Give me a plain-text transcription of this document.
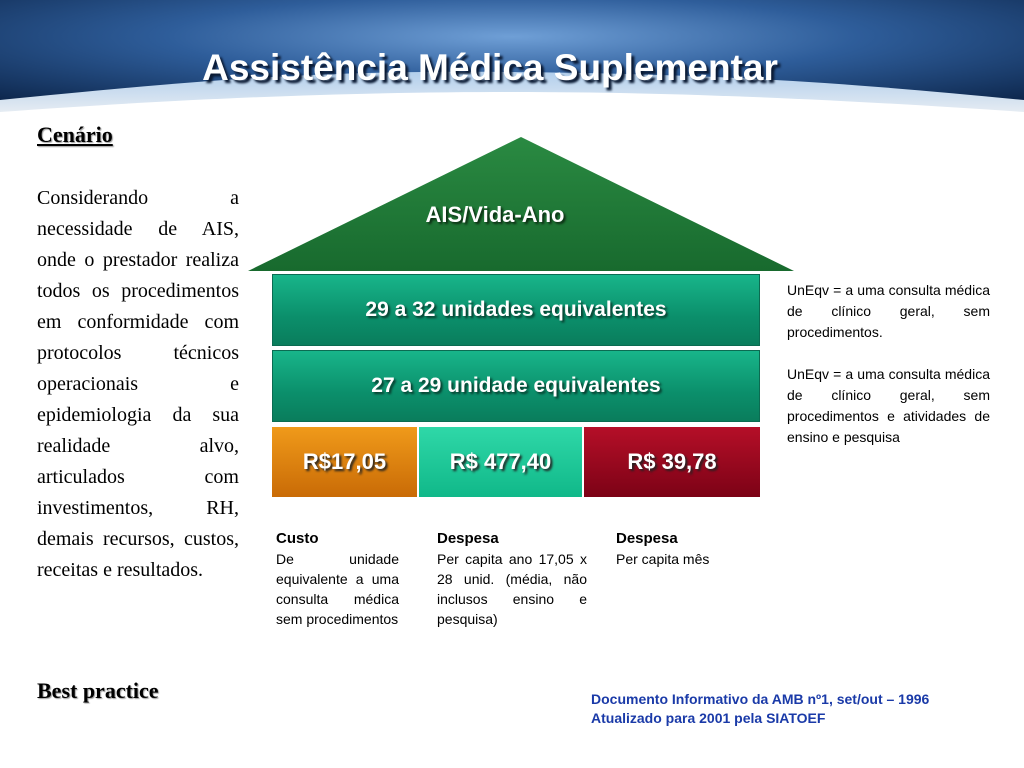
Assistência Médica Suplementar
Cenário
Considerando a necessidade de AIS, onde o prestador realiza todos os procedimentos em conformidade com protocolos técnicos operacionais e epidemiologia da sua realidade alvo, articulados com investimentos, RH, demais recursos, custos, receitas e resultados.
Best practice
AIS/Vida-Ano
29 a 32 unidades equivalentes
27 a 29 unidade equivalentes
R$17,05	R$ 477,40	R$ 39,78
Custo
De unidade equivalente a uma consulta médica sem procedimentos
Despesa
Per capita ano 17,05 x 28 unid. (média, não inclusos ensino e pesquisa)
Despesa
Per capita mês
UnEqv = a uma consulta médica de clínico geral, sem procedimentos.
UnEqv = a uma consulta médica de clínico geral, sem procedimentos e atividades de ensino e pesquisa
Documento Informativo da AMB nº1, set/out – 1996
Atualizado para 2001 pela SIATOEF
